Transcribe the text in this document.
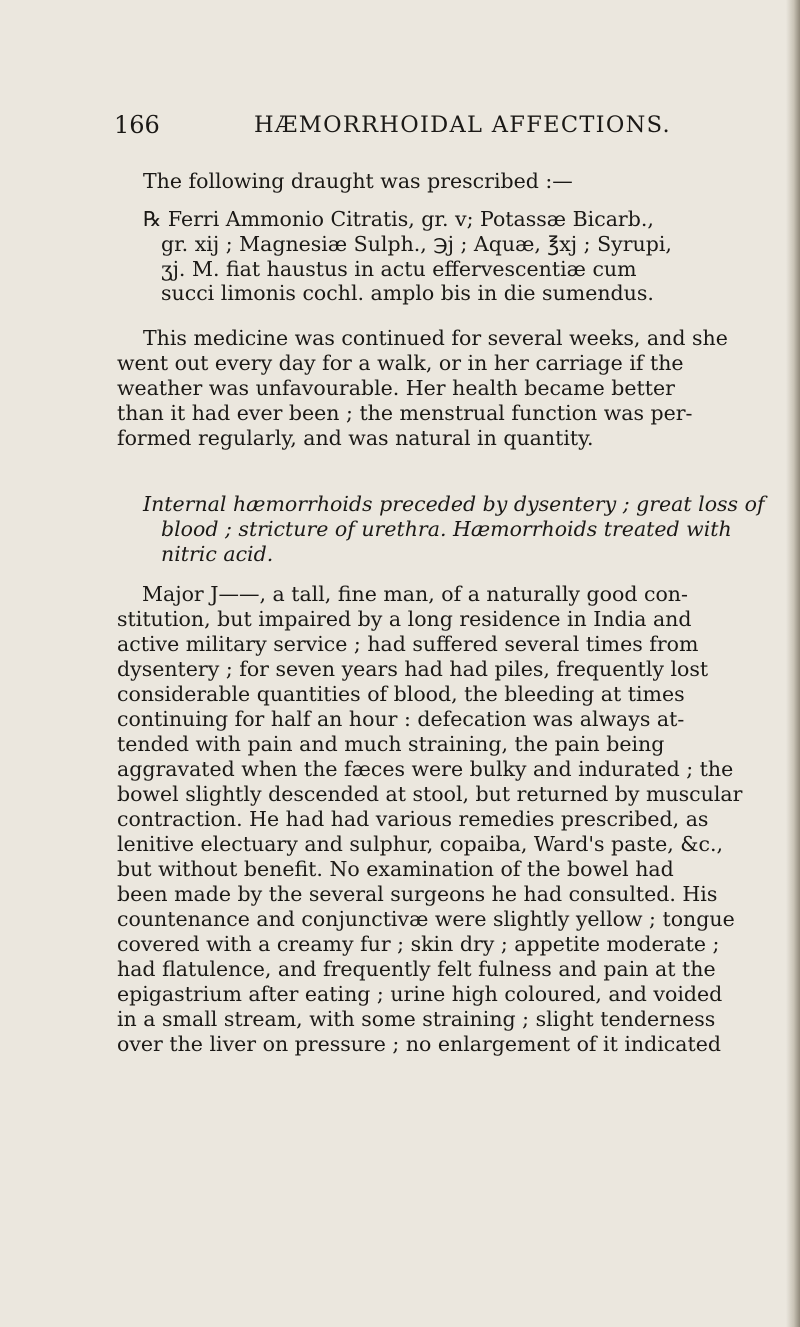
166	HÆMORRHOIDAL AFFECTIONS.
The following draught was prescribed :—
℞ Ferri Ammonio Citratis, gr. v; Potassæ Bicarb.,
gr. xij ; Magnesiæ Sulph., ℈j ; Aquæ, ℥xj ; Syrupi,
ʒj. M. fiat haustus in actu effervescentiæ cum
succi limonis cochl. amplo bis in die sumendus.
This medicine was continued for several weeks, and she
went out every day for a walk, or in her carriage if the
weather was unfavourable. Her health became better
than it had ever been ; the menstrual function was per-
formed regularly, and was natural in quantity.
Internal hæmorrhoids preceded by dysentery ; great loss of
blood ; stricture of urethra. Hæmorrhoids treated with
nitric acid.
Major J——, a tall, fine man, of a naturally good con-
stitution, but impaired by a long residence in India and
active military service ; had suffered several times from
dysentery ; for seven years had had piles, frequently lost
considerable quantities of blood, the bleeding at times
continuing for half an hour : defecation was always at-
tended with pain and much straining, the pain being
aggravated when the fæces were bulky and indurated ; the
bowel slightly descended at stool, but returned by muscular
contraction. He had had various remedies prescribed, as
lenitive electuary and sulphur, copaiba, Ward's paste, &c.,
but without benefit. No examination of the bowel had
been made by the several surgeons he had consulted. His
countenance and conjunctivæ were slightly yellow ; tongue
covered with a creamy fur ; skin dry ; appetite moderate ;
had flatulence, and frequently felt fulness and pain at the
epigastrium after eating ; urine high coloured, and voided
in a small stream, with some straining ; slight tenderness
over the liver on pressure ; no enlargement of it indicated
